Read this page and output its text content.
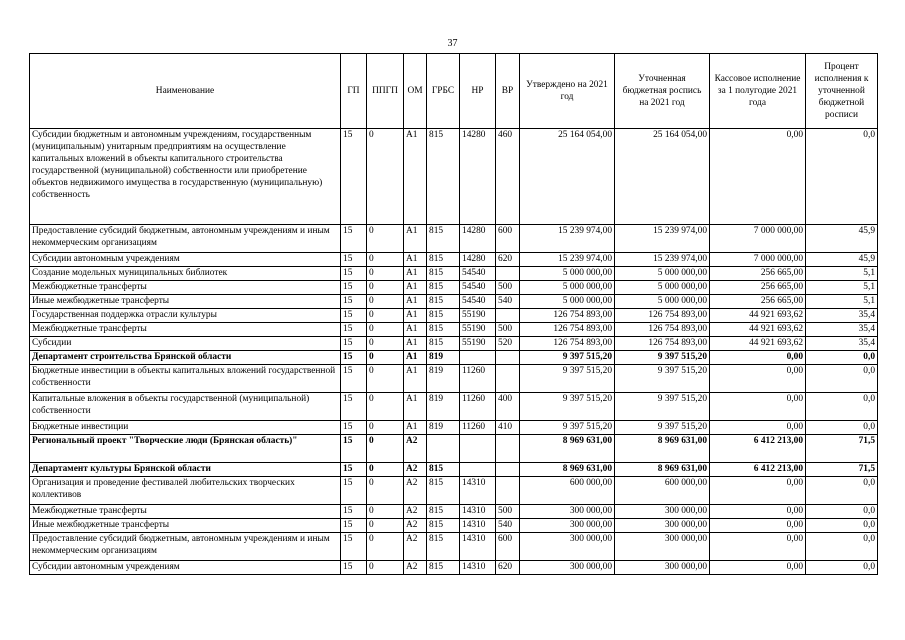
37
Наименование	ГП	ППГП	ОМ	ГРБС	НР	ВР	Утверждено на 2021 год	Уточненная бюджетная роспись на 2021 год	Кассовое исполнение за 1 полугодие 2021 года	Процент исполнения к уточненной бюджетной росписи
Субсидии бюджетным и автономным учреждениям, государственным (муниципальным) унитарным предприятиям на осуществление капитальных вложений в объекты капитального строительства государственной (муниципальной) собственности или приобретение объектов недвижимого имущества в государственную (муниципальную) собственность	15	0	А1	815	14280	460	25 164 054,00	25 164 054,00	0,00	0,0
Предоставление субсидий бюджетным, автономным учреждениям и иным некоммерческим организациям	15	0	А1	815	14280	600	15 239 974,00	15 239 974,00	7 000 000,00	45,9
Субсидии автономным учреждениям	15	0	А1	815	14280	620	15 239 974,00	15 239 974,00	7 000 000,00	45,9
Создание модельных муниципальных библиотек	15	0	А1	815	54540		5 000 000,00	5 000 000,00	256 665,00	5,1
Межбюджетные трансферты	15	0	А1	815	54540	500	5 000 000,00	5 000 000,00	256 665,00	5,1
Иные межбюджетные трансферты	15	0	А1	815	54540	540	5 000 000,00	5 000 000,00	256 665,00	5,1
Государственная поддержка отрасли культуры	15	0	А1	815	55190		126 754 893,00	126 754 893,00	44 921 693,62	35,4
Межбюджетные трансферты	15	0	А1	815	55190	500	126 754 893,00	126 754 893,00	44 921 693,62	35,4
Субсидии	15	0	А1	815	55190	520	126 754 893,00	126 754 893,00	44 921 693,62	35,4
Департамент строительства Брянской области	15	0	А1	819			9 397 515,20	9 397 515,20	0,00	0,0
Бюджетные инвестиции в объекты капитальных вложений государственной собственности	15	0	А1	819	11260		9 397 515,20	9 397 515,20	0,00	0,0
Капитальные вложения в объекты государственной (муниципальной) собственности	15	0	А1	819	11260	400	9 397 515,20	9 397 515,20	0,00	0,0
Бюджетные инвестиции	15	0	А1	819	11260	410	9 397 515,20	9 397 515,20	0,00	0,0
Региональный проект "Творческие люди (Брянская область)"	15	0	А2				8 969 631,00	8 969 631,00	6 412 213,00	71,5
Департамент культуры Брянской области	15	0	А2	815			8 969 631,00	8 969 631,00	6 412 213,00	71,5
Организация и проведение фестивалей любительских творческих коллективов	15	0	А2	815	14310		600 000,00	600 000,00	0,00	0,0
Межбюджетные трансферты	15	0	А2	815	14310	500	300 000,00	300 000,00	0,00	0,0
Иные межбюджетные трансферты	15	0	А2	815	14310	540	300 000,00	300 000,00	0,00	0,0
Предоставление субсидий бюджетным, автономным учреждениям и иным некоммерческим организациям	15	0	А2	815	14310	600	300 000,00	300 000,00	0,00	0,0
Субсидии автономным учреждениям	15	0	А2	815	14310	620	300 000,00	300 000,00	0,00	0,0
